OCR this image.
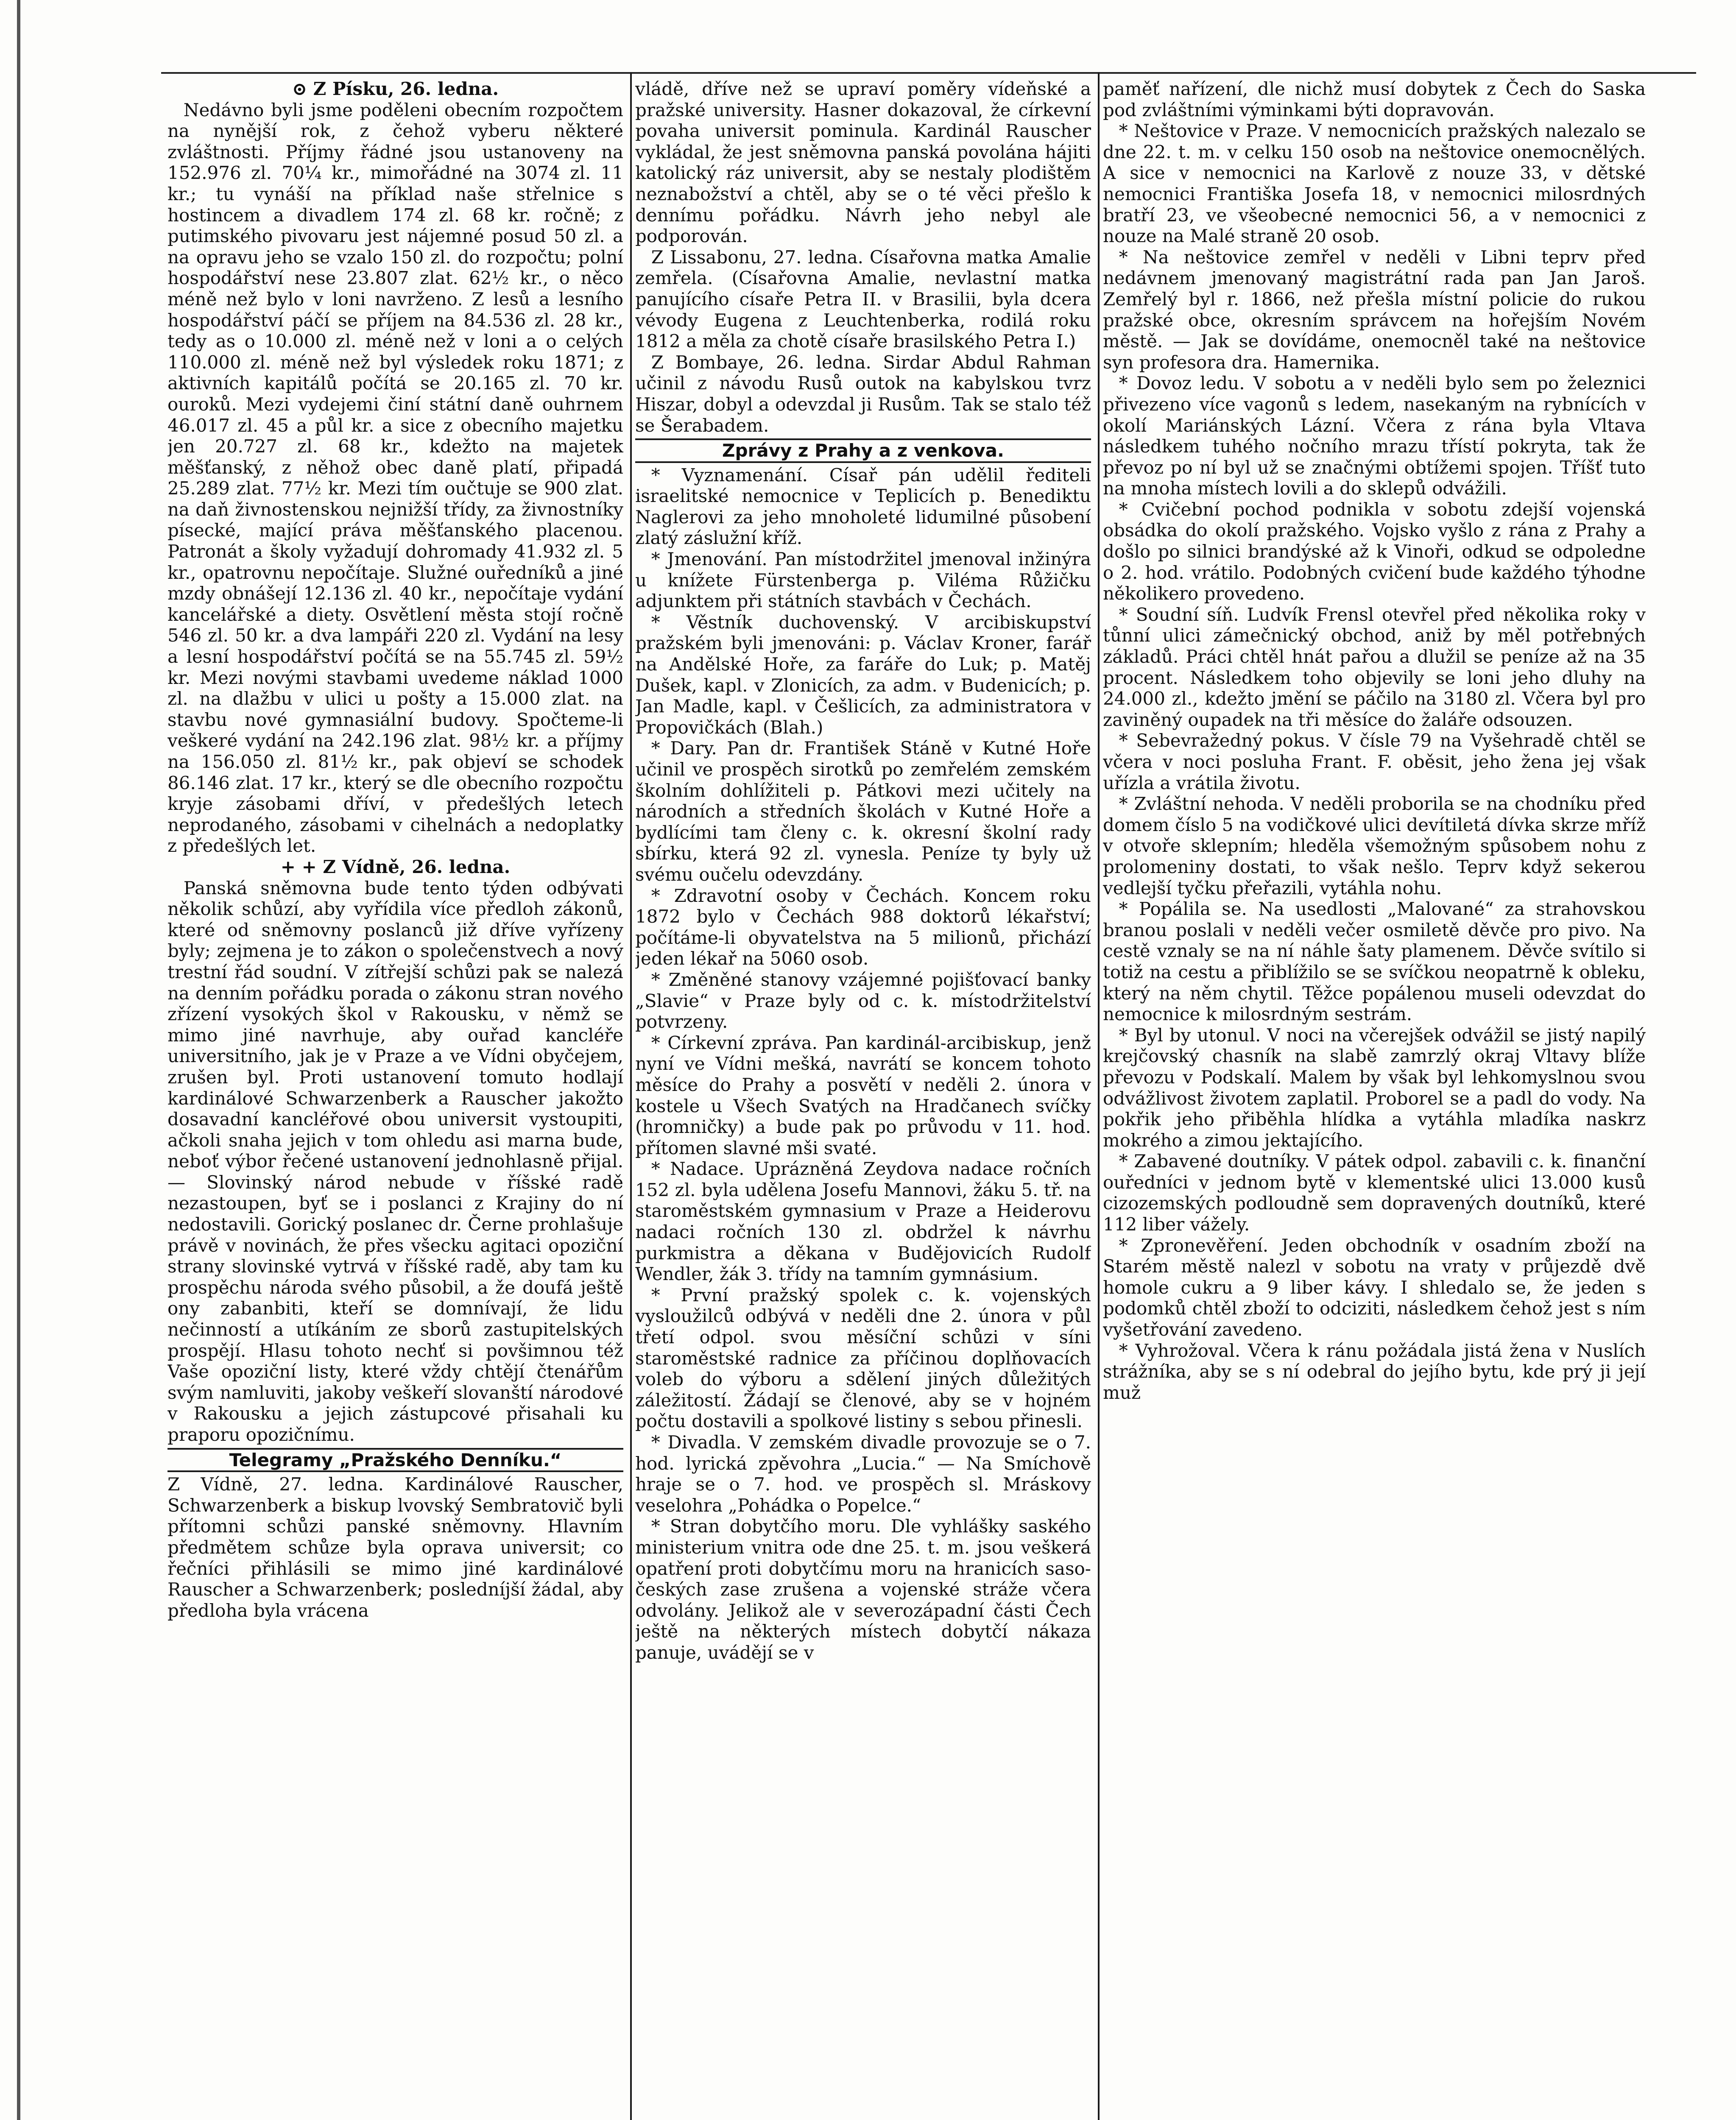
⊙ Z Písku, 26. ledna.

Nedávno byli jsme poděleni obecním rozpočtem na nynější rok, z čehož vyberu některé zvláštnosti. Příjmy řádné jsou ustanoveny na 152.976 zl. 70¼ kr., mimořádné na 3074 zl. 11 kr.; tu vynáší na příklad naše střelnice s hostincem a divadlem 174 zl. 68 kr. ročně; z putimského pivovaru jest nájemné posud 50 zl. a na opravu jeho se vzalo 150 zl. do rozpočtu; polní hospodářství nese 23.807 zlat. 62½ kr., o něco méně než bylo v loni navrženo. Z lesů a lesního hospodářství páčí se příjem na 84.536 zl. 28 kr., tedy as o 10.000 zl. méně než v loni a o celých 110.000 zl. méně než byl výsledek roku 1871; z aktivních kapitálů počítá se 20.165 zl. 70 kr. ouroků. Mezi vydejemi činí státní daně ouhrnem 46.017 zl. 45 a půl kr. a sice z obecního majetku jen 20.727 zl. 68 kr., kdežto na majetek měšťanský, z něhož obec daně platí, připadá 25.289 zlat. 77½ kr. Mezi tím oučtuje se 900 zlat. na daň živnostenskou nejnižší třídy, za živnostníky písecké, mající práva měšťanského placenou. Patronát a školy vyžadují dohromady 41.932 zl. 5 kr., opatrovnu nepočítaje. Služné ouředníků a jiné mzdy obnášejí 12.136 zl. 40 kr., nepočítaje vydání kancelářské a diety. Osvětlení města stojí ročně 546 zl. 50 kr. a dva lampáři 220 zl. Vydání na lesy a lesní hospodářství počítá se na 55.745 zl. 59½ kr. Mezi novými stavbami uvedeme náklad 1000 zl. na dlažbu v ulici u pošty a 15.000 zlat. na stavbu nové gymnasiální budovy. Spočteme-li veškeré vydání na 242.196 zlat. 98½ kr. a příjmy na 156.050 zl. 81½ kr., pak objeví se schodek 86.146 zlat. 17 kr., který se dle obecního rozpočtu kryje zásobami dříví, v předešlých letech neprodaného, zásobami v cihelnách a nedoplatky z předešlých let.

+ + Z Vídně, 26. ledna.

Panská sněmovna bude tento týden odbývati několik schůzí, aby vyřídila více předloh zákonů, které od sněmovny poslanců již dříve vyřízeny byly; zejmena je to zákon o společenstvech a nový trestní řád soudní. V zítřejší schůzi pak se nalezá na denním pořádku porada o zákonu stran nového zřízení vysokých škol v Rakousku, v němž se mimo jiné navrhuje, aby ouřad kancléře universitního, jak je v Praze a ve Vídni obyčejem, zrušen byl. Proti ustanovení tomuto hodlají kardinálové Schwarzenberk a Rauscher jakožto dosavadní kancléřové obou universit vystoupiti, ačkoli snaha jejich v tom ohledu asi marna bude, neboť výbor řečené ustanovení jednohlasně přijal. — Slovinský národ nebude v říšské radě nezastoupen, byť se i poslanci z Krajiny do ní nedostavili. Gorický poslanec dr. Černe prohlašuje právě v novinách, že přes všecku agitaci opoziční strany slovinské vytrvá v říšské radě, aby tam ku prospěchu národa svého působil, a že doufá ještě ony zabanbiti, kteří se domnívají, že lidu nečinností a utíkáním ze sborů zastupitelských prospějí. Hlasu tohoto nechť si povšimnou též Vaše opoziční listy, které vždy chtějí čtenářům svým namluviti, jakoby veškeří slovanští národové v Rakousku a jejich zástupcové přisahali ku praporu opozičnímu.

Telegramy „Pražského Denníku.“

Z Vídně, 27. ledna. Kardinálové Rauscher, Schwarzenberk a biskup lvovský Sembratovič byli přítomni schůzi panské sněmovny. Hlavním předmětem schůze byla oprava universit; co řečníci přihlásili se mimo jiné kardinálové Rauscher a Schwarzenberk; posledníjší žádal, aby předloha byla vrácena

vládě, dříve než se upraví poměry vídeňské a pražské university. Hasner dokazoval, že církevní povaha universit pominula. Kardinál Rauscher vykládal, že jest sněmovna panská povolána hájiti katolický ráz universit, aby se nestaly plodištěm neznabožství a chtěl, aby se o té věci přešlo k dennímu pořádku. Návrh jeho nebyl ale podporován.

Z Lissabonu, 27. ledna. Císařovna matka Amalie zemřela. (Císařovna Amalie, nevlastní matka panujícího císaře Petra II. v Brasilii, byla dcera vévody Eugena z Leuchtenberka, rodilá roku 1812 a měla za chotě císaře brasilského Petra I.)

Z Bombaye, 26. ledna. Sirdar Abdul Rahman učinil z návodu Rusů outok na kabylskou tvrz Hiszar, dobyl a odevzdal ji Rusům. Tak se stalo též se Šerabadem.

Zprávy z Prahy a z venkova.

* Vyznamenání. Císař pán udělil řediteli israelitské nemocnice v Teplicích p. Benediktu Naglerovi za jeho mnoholeté lidumilné působení zlatý záslužní kříž.

* Jmenování. Pan místodržitel jmenoval inžinýra u knížete Fürstenberga p. Viléma Růžičku adjunktem při státních stavbách v Čechách.

* Věstník duchovenský. V arcibiskupství pražském byli jmenováni: p. Václav Kroner, farář na Andělské Hoře, za faráře do Luk; p. Matěj Dušek, kapl. v Zlonicích, za adm. v Budenicích; p. Jan Madle, kapl. v Češlicích, za administratora v Propovičkách (Blah.)

* Dary. Pan dr. František Stáně v Kutné Hoře učinil ve prospěch sirotků po zemřelém zemském školním dohlížiteli p. Pátkovi mezi učitely na národních a středních školách v Kutné Hoře a bydlícími tam členy c. k. okresní školní rady sbírku, která 92 zl. vynesla. Peníze ty byly už svému oučelu odevzdány.

* Zdravotní osoby v Čechách. Koncem roku 1872 bylo v Čechách 988 doktorů lékařství; počítáme-li obyvatelstva na 5 milionů, přichází jeden lékař na 5060 osob.

* Změněné stanovy vzájemné pojišťovací banky „Slavie“ v Praze byly od c. k. místodržitelství potvrzeny.

* Církevní zpráva. Pan kardinál-arcibiskup, jenž nyní ve Vídni mešká, navrátí se koncem tohoto měsíce do Prahy a posvětí v neděli 2. února v kostele u Všech Svatých na Hradčanech svíčky (hromničky) a bude pak po průvodu v 11. hod. přítomen slavné mši svaté.

* Nadace. Uprázněná Zeydova nadace ročních 152 zl. byla udělena Josefu Mannovi, žáku 5. tř. na staroměstském gymnasium v Praze a Heiderovu nadaci ročních 130 zl. obdržel k návrhu purkmistra a děkana v Budějovicích Rudolf Wendler, žák 3. třídy na tamním gymnásium.

* První pražský spolek c. k. vojenských vysloužilců odbývá v neděli dne 2. února v půl třetí odpol. svou měsíční schůzi v síni staroměstské radnice za příčinou doplňovacích voleb do výboru a sdělení jiných důležitých záležitostí. Žádají se členové, aby se v hojném počtu dostavili a spolkové listiny s sebou přinesli.

* Divadla. V zemském divadle provozuje se o 7. hod. lyrická zpěvohra „Lucia.“ — Na Smíchově hraje se o 7. hod. ve prospěch sl. Mráskovy veselohra „Pohádka o Popelce.“

* Stran dobytčího moru. Dle vyhlášky saského ministerium vnitra ode dne 25. t. m. jsou veškerá opatření proti dobytčímu moru na hranicích saso-českých zase zrušena a vojenské stráže včera odvolány. Jelikož ale v severozápadní části Čech ještě na některých místech dobytčí nákaza panuje, uvádějí se v

paměť nařízení, dle nichž musí dobytek z Čech do Saska pod zvláštními výminkami býti dopravován.

* Neštovice v Praze. V nemocnicích pražských nalezalo se dne 22. t. m. v celku 150 osob na neštovice onemocnělých. A sice v nemocnici na Karlově z nouze 33, v dětské nemocnici Františka Josefa 18, v nemocnici milosrdných bratří 23, ve všeobecné nemocnici 56, a v nemocnici z nouze na Malé straně 20 osob.

* Na neštovice zemřel v neděli v Libni teprv před nedávnem jmenovaný magistrátní rada pan Jan Jaroš. Zemřelý byl r. 1866, než přešla místní policie do rukou pražské obce, okresním správcem na hořejším Novém městě. — Jak se dovídáme, onemocněl také na neštovice syn profesora dra. Hamernika.

* Dovoz ledu. V sobotu a v neděli bylo sem po železnici přivezeno více vagonů s ledem, nasekaným na rybnících v okolí Mariánských Lázní. Včera z rána byla Vltava následkem tuhého nočního mrazu třístí pokryta, tak že převoz po ní byl už se značnými obtížemi spojen. Tříšť tuto na mnoha místech lovili a do sklepů odvážili.

* Cvičební pochod podnikla v sobotu zdejší vojenská obsádka do okolí pražského. Vojsko vyšlo z rána z Prahy a došlo po silnici brandýské až k Vinoři, odkud se odpoledne o 2. hod. vrátilo. Podobných cvičení bude každého týhodne několikero provedeno.

* Soudní síň. Ludvík Frensl otevřel před několika roky v tůnní ulici zámečnický obchod, aniž by měl potřebných základů. Práci chtěl hnát pařou a dlužil se peníze až na 35 procent. Následkem toho objevily se loni jeho dluhy na 24.000 zl., kdežto jmění se páčilo na 3180 zl. Včera byl pro zaviněný oupadek na tři měsíce do žaláře odsouzen.

* Sebevražedný pokus. V čísle 79 na Vyšehradě chtěl se včera v noci posluha Frant. F. oběsit, jeho žena jej však uřízla a vrátila životu.

* Zvláštní nehoda. V neděli proborila se na chodníku před domem číslo 5 na vodičkové ulici devítiletá dívka skrze mříž v otvoře sklepním; hleděla všemožným spůsobem nohu z prolomeniny dostati, to však nešlo. Teprv když sekerou vedlejší tyčku přeřazili, vytáhla nohu.

* Popálila se. Na usedlosti „Malované“ za strahovskou branou poslali v neděli večer osmiletě děvče pro pivo. Na cestě vznaly se na ní náhle šaty plamenem. Děvče svítilo si totiž na cestu a přiblížilo se se svíčkou neopatrně k obleku, který na něm chytil. Těžce popálenou museli odevzdat do nemocnice k milosrdným sestrám.

* Byl by utonul. V noci na včerejšek odvážil se jistý napilý krejčovský chasník na slabě zamrzlý okraj Vltavy blíže převozu v Podskalí. Malem by však byl lehkomyslnou svou odvážlivost životem zaplatil. Proborel se a padl do vody. Na pokřik jeho přiběhla hlídka a vytáhla mladíka naskrz mokrého a zimou jektajícího.

* Zabavené doutníky. V pátek odpol. zabavili c. k. finanční ouředníci v jednom bytě v klementské ulici 13.000 kusů cizozemských podloudně sem dopravených doutníků, které 112 liber vážely.

* Zpronevěření. Jeden obchodník v osadním zboží na Starém městě nalezl v sobotu na vraty v průjezdě dvě homole cukru a 9 liber kávy. I shledalo se, že jeden s podomků chtěl zboží to odciziti, následkem čehož jest s ním vyšetřování zavedeno.

* Vyhrožoval. Včera k ránu požádala jistá žena v Nuslích strážníka, aby se s ní odebral do jejího bytu, kde prý ji její muž
